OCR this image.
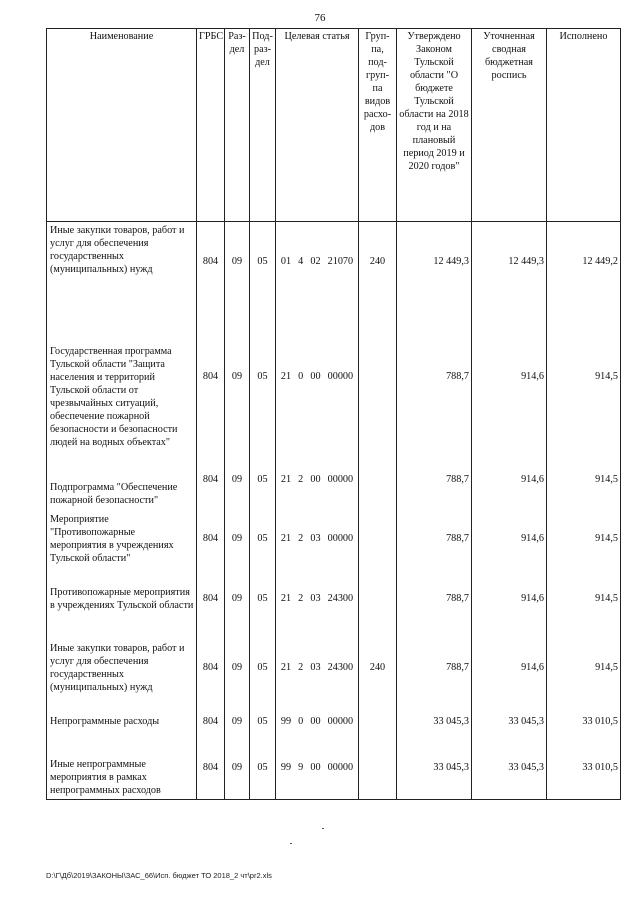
76
Наименование	ГРБС	Раз-дел	Под-раз-дел	Целевая статья	Груп-па, под-груп-па видов расхо-дов	Утверждено Законом Тульской области "О бюджете Тульской области на 2018 год и на плановый период 2019 и 2020 годов"	Уточненная сводная бюджетная роспись	Исполнено
Иные закупки товаров, работ и услуг для обеспечения государственных (муниципальных) нужд	804	09	05	01  4  02  21070	240	12 449,3	12 449,3	12 449,2
Государственная программа Тульской области "Защита населения и территорий Тульской области от чрезвычайных ситуаций, обеспечение пожарной безопасности и безопасности людей на водных объектах"	804	09	05	21  0  00  00000		788,7	914,6	914,5
Подпрограмма "Обеспечение пожарной безопасности"	804	09	05	21  2  00  00000		788,7	914,6	914,5
Мероприятие "Противопожарные мероприятия в учреждениях Тульской области"	804	09	05	21  2  03  00000		788,7	914,6	914,5
Противопожарные мероприятия в учреждениях Тульской области	804	09	05	21  2  03  24300		788,7	914,6	914,5
Иные закупки товаров, работ и услуг для обеспечения государственных (муниципальных) нужд	804	09	05	21  2  03  24300	240	788,7	914,6	914,5
Непрограммные расходы	804	09	05	99  0  00  00000		33 045,3	33 045,3	33 010,5
Иные непрограммные мероприятия в рамках непрограммных расходов	804	09	05	99  9  00  00000		33 045,3	33 045,3	33 010,5
D:\Г\Дб\2019\ЗАКОНЫ\ЗАС_66\Исп. бюджет ТО 2018_2 чт\pr2.xls
